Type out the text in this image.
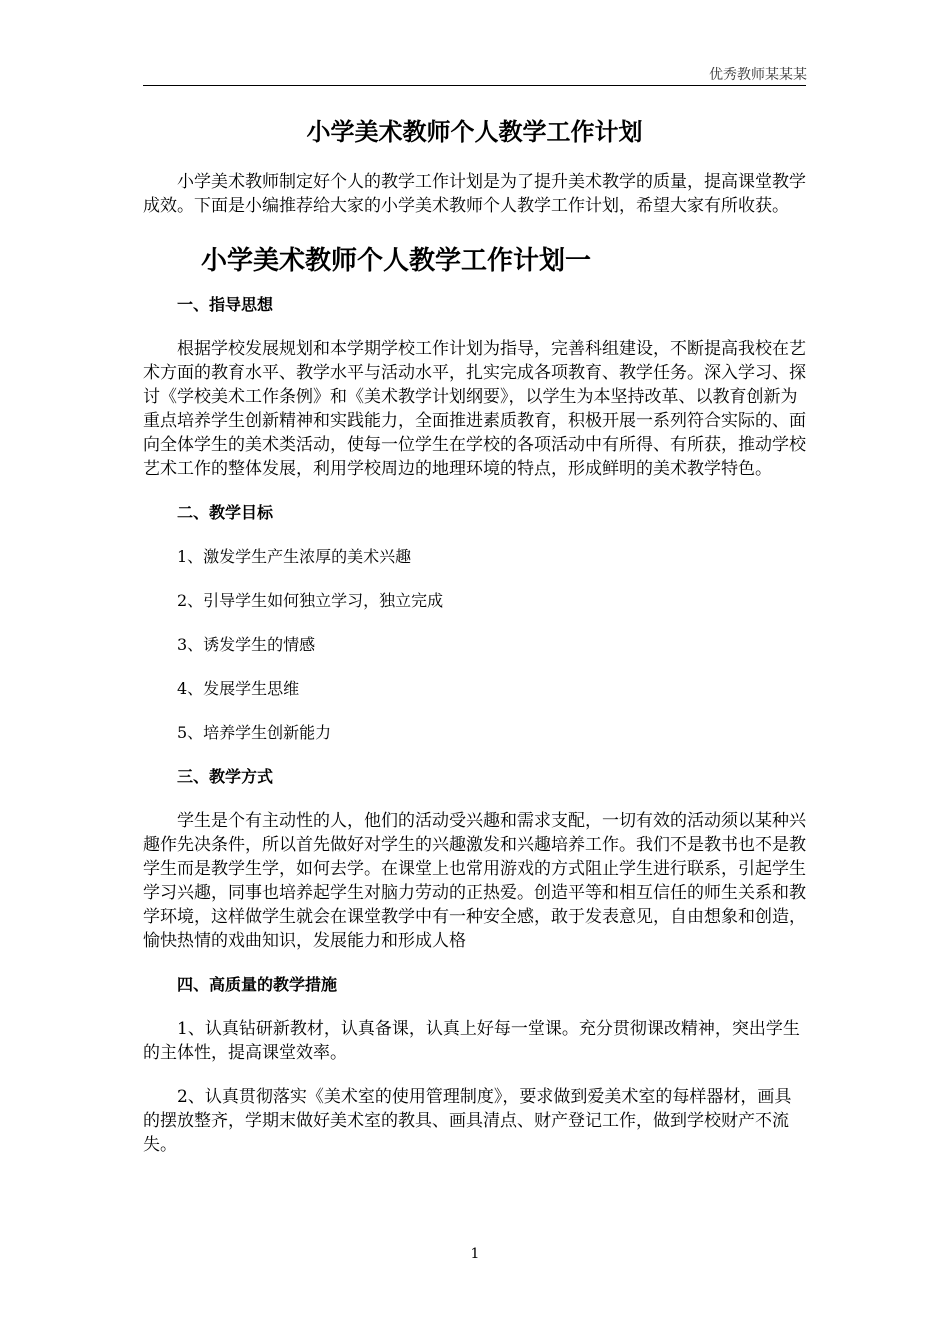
优秀教师某某某
小学美术教师个人教学工作计划

小学美术教师制定好个人的教学工作计划是为了提升美术教学的质量，提高课堂教学成效。下面是小编推荐给大家的小学美术教师个人教学工作计划，希望大家有所收获。

小学美术教师个人教学工作计划一
一、指导思想

根据学校发展规划和本学期学校工作计划为指导，完善科组建设，不断提高我校在艺术方面的教育水平、教学水平与活动水平，扎实完成各项教育、教学任务。深入学习、探讨《学校美术工作条例》和《美术教学计划纲要》，以学生为本坚持改革、以教育创新为重点培养学生创新精神和实践能力，全面推进素质教育，积极开展一系列符合实际的、面向全体学生的美术类活动，使每一位学生在学校的各项活动中有所得、有所获，推动学校艺术工作的整体发展，利用学校周边的地理环境的特点，形成鲜明的美术教学特色。

二、教学目标

1、激发学生产生浓厚的美术兴趣

2、引导学生如何独立学习，独立完成

3、诱发学生的情感

4、发展学生思维

5、培养学生创新能力

三、教学方式

学生是个有主动性的人，他们的活动受兴趣和需求支配，一切有效的活动须以某种兴趣作先决条件，所以首先做好对学生的兴趣激发和兴趣培养工作。我们不是教书也不是教学生而是教学生学，如何去学。在课堂上也常用游戏的方式阻止学生进行联系，引起学生学习兴趣，同事也培养起学生对脑力劳动的正热爱。创造平等和相互信任的师生关系和教学环境，这样做学生就会在课堂教学中有一种安全感，敢于发表意见，自由想象和创造，愉快热情的戏曲知识，发展能力和形成人格

四、高质量的教学措施

1、认真钻研新教材，认真备课，认真上好每一堂课。充分贯彻课改精神，突出学生的主体性，提高课堂效率。

2、认真贯彻落实《美术室的使用管理制度》，要求做到爱美术室的每样器材，画具的摆放整齐，学期末做好美术室的教具、画具清点、财产登记工作，做到学校财产不流失。

1
